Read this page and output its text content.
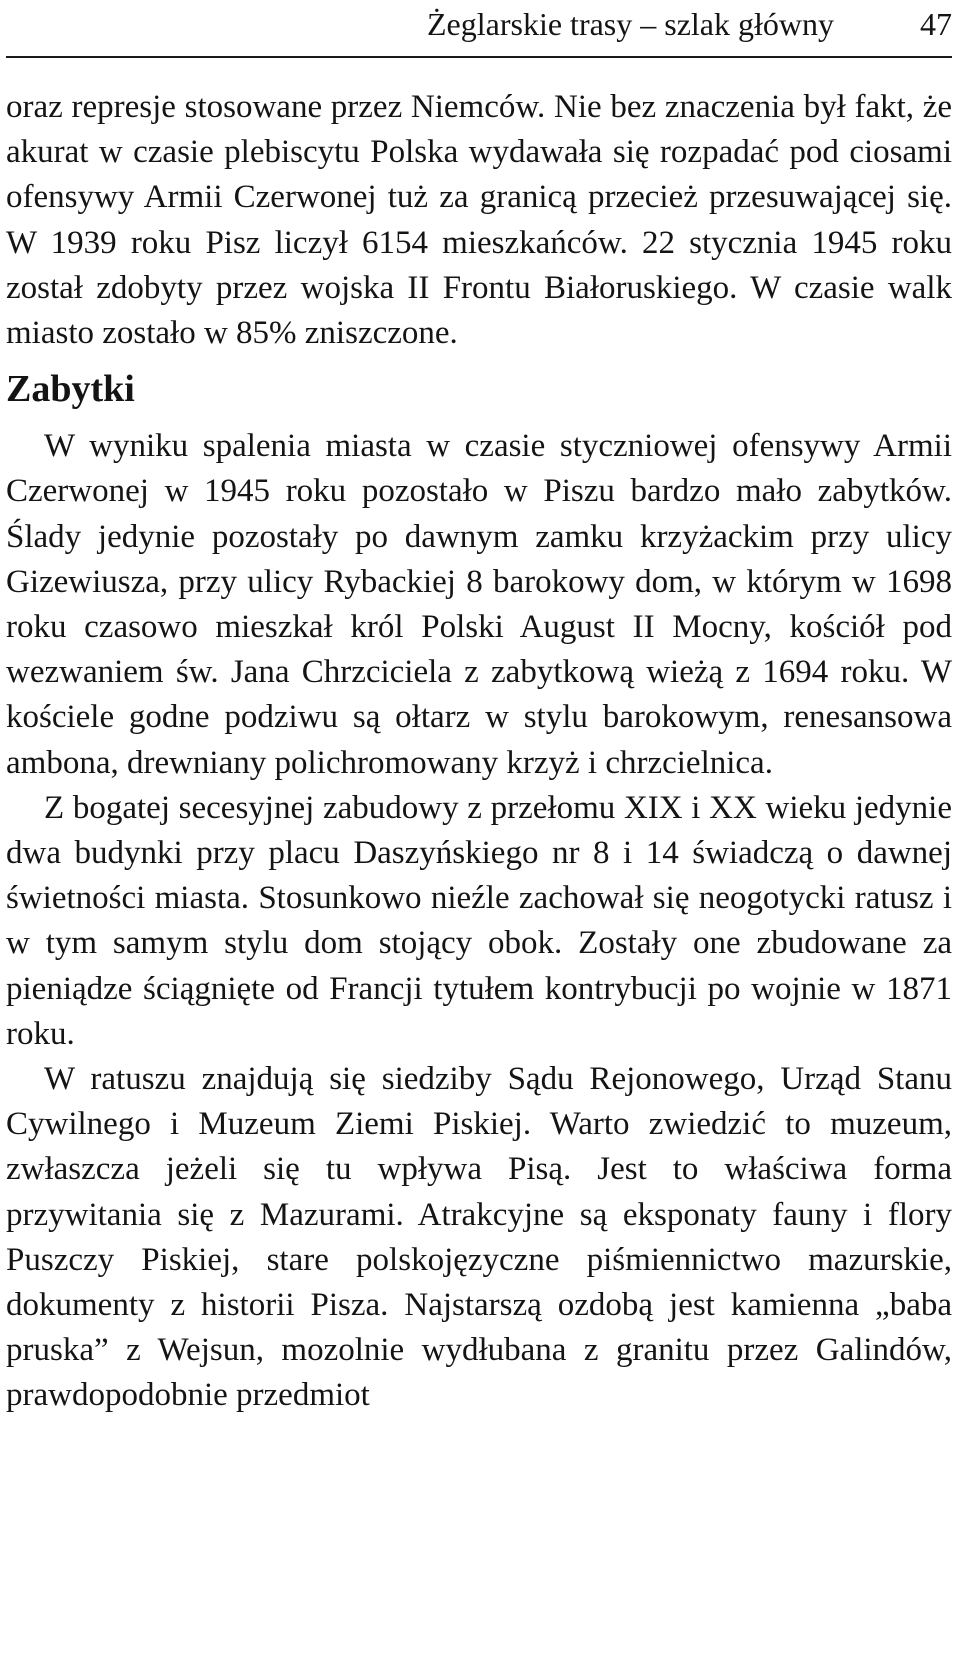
Żeglarskie trasy – szlak główny	47

oraz represje stosowane przez Niemców. Nie bez znaczenia był fakt, że akurat w czasie plebiscytu Polska wydawała się rozpadać pod ciosami ofensywy Armii Czerwonej tuż za granicą przecież przesuwającej się. W 1939 roku Pisz liczył 6154 mieszkańców. 22 stycznia 1945 roku został zdobyty przez wojska II Frontu Białoruskiego. W czasie walk miasto zostało w 85% zniszczone.

Zabytki

W wyniku spalenia miasta w czasie styczniowej ofensywy Armii Czerwonej w 1945 roku pozostało w Piszu bardzo mało zabytków. Ślady jedynie pozostały po dawnym zamku krzyżackim przy ulicy Gizewiusza, przy ulicy Rybackiej 8 barokowy dom, w którym w 1698 roku czasowo mieszkał król Polski August II Mocny, kościół pod wezwaniem św. Jana Chrzciciela z zabytkową wieżą z 1694 roku. W kościele godne podziwu są ołtarz w stylu barokowym, renesansowa ambona, drewniany polichromowany krzyż i chrzcielnica.

Z bogatej secesyjnej zabudowy z przełomu XIX i XX wieku jedynie dwa budynki przy placu Daszyńskiego nr 8 i 14 świadczą o dawnej świetności miasta. Stosunkowo nieźle zachował się neogotycki ratusz i w tym samym stylu dom stojący obok. Zostały one zbudowane za pieniądze ściągnięte od Francji tytułem kontrybucji po wojnie w 1871 roku.

W ratuszu znajdują się siedziby Sądu Rejonowego, Urząd Stanu Cywilnego i Muzeum Ziemi Piskiej. Warto zwiedzić to muzeum, zwłaszcza jeżeli się tu wpływa Pisą. Jest to właściwa forma przywitania się z Mazurami. Atrakcyjne są eksponaty fauny i flory Puszczy Piskiej, stare polskojęzyczne piśmiennictwo mazurskie, dokumenty z historii Pisza. Najstarszą ozdobą jest kamienna „baba pruska” z Wejsun, mozolnie wydłubana z granitu przez Galindów, prawdopodobnie przedmiot
